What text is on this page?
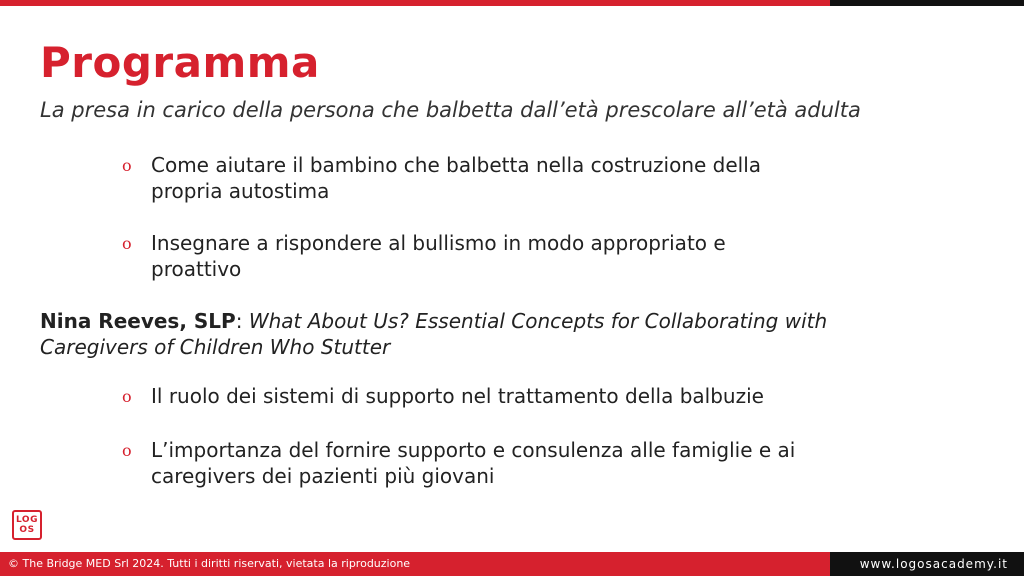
Programma

La presa in carico della persona che balbetta dall’età prescolare all’età adulta

o Come aiutare il bambino che balbetta nella costruzione della propria autostima
o Insegnare a rispondere al bullismo in modo appropriato e proattivo

Nina Reeves, SLP: What About Us? Essential Concepts for Collaborating with Caregivers of Children Who Stutter

o Il ruolo dei sistemi di supporto nel trattamento della balbuzie
o L’importanza del fornire supporto e consulenza alle famiglie e ai caregivers dei pazienti più giovani
LOG
OS
© The Bridge MED Srl 2024. Tutti i diritti riservati, vietata la riproduzione	www.logosacademy.it
